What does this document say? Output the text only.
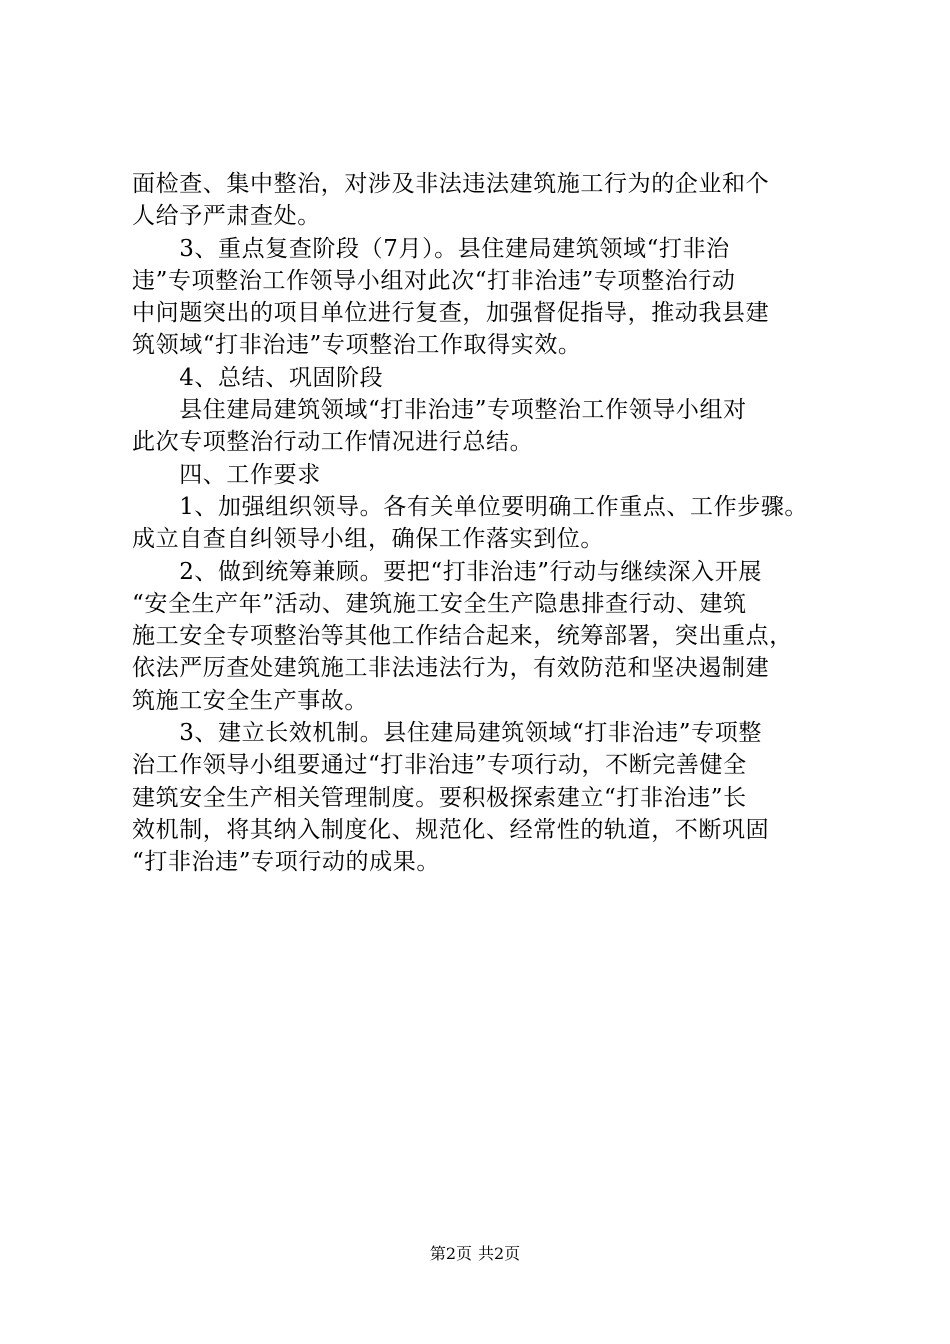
面检查、集中整治，对涉及非法违法建筑施工行为的企业和个
人给予严肃查处。
　　3、重点复查阶段（7月）。县住建局建筑领域“打非治
违”专项整治工作领导小组对此次“打非治违”专项整治行动
中问题突出的项目单位进行复查，加强督促指导，推动我县建
筑领域“打非治违”专项整治工作取得实效。
　　4、总结、巩固阶段
　　县住建局建筑领域“打非治违”专项整治工作领导小组对
此次专项整治行动工作情况进行总结。
　　四、工作要求
　　1、加强组织领导。各有关单位要明确工作重点、工作步骤。
成立自查自纠领导小组，确保工作落实到位。
　　2、做到统筹兼顾。要把“打非治违”行动与继续深入开展
“安全生产年”活动、建筑施工安全生产隐患排查行动、建筑
施工安全专项整治等其他工作结合起来，统筹部署，突出重点，
依法严厉查处建筑施工非法违法行为，有效防范和坚决遏制建
筑施工安全生产事故。
　　3、建立长效机制。县住建局建筑领域“打非治违”专项整
治工作领导小组要通过“打非治违”专项行动，不断完善健全
建筑安全生产相关管理制度。要积极探索建立“打非治违”长
效机制，将其纳入制度化、规范化、经常性的轨道，不断巩固
“打非治违”专项行动的成果。
第2页 共2页
